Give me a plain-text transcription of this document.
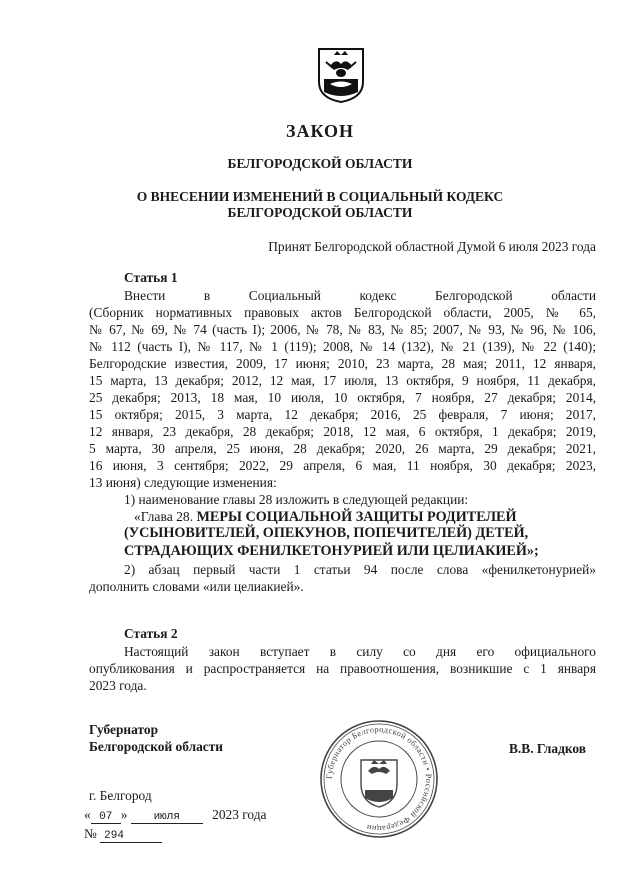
ЗАКОН
БЕЛГОРОДСКОЙ ОБЛАСТИ
О ВНЕСЕНИИ ИЗМЕНЕНИЙ В СОЦИАЛЬНЫЙ КОДЕКС
БЕЛГОРОДСКОЙ ОБЛАСТИ
Принят Белгородской областной Думой 6 июля 2023 года
Статья 1
Внести в Социальный кодекс Белгородской области
(Сборник нормативных правовых актов Белгородской области, 2005, № 65,
№ 67, № 69, № 74 (часть I); 2006, № 78, № 83, № 85; 2007, № 93, № 96, № 106,
№ 112 (часть I), № 117, № 1 (119); 2008, № 14 (132), № 21 (139), № 22 (140);
Белгородские известия, 2009, 17 июня; 2010, 23 марта, 28 мая; 2011, 12 января,
15 марта, 13 декабря; 2012, 12 мая, 17 июля, 13 октября, 9 ноября, 11 декабря,
25 декабря; 2013, 18 мая, 10 июля, 10 октября, 7 ноября, 27 декабря; 2014,
15 октября; 2015, 3 марта, 12 декабря; 2016, 25 февраля, 7 июня; 2017,
12 января, 23 декабря, 28 декабря; 2018, 12 мая, 6 октября, 1 декабря; 2019,
5 марта, 30 апреля, 25 июня, 28 декабря; 2020, 26 марта, 29 декабря; 2021,
16 июня, 3 сентября; 2022, 29 апреля, 6 мая, 11 ноября, 30 декабря; 2023,
13 июня) следующие изменения:
1) наименование главы 28 изложить в следующей редакции:
«Глава 28. МЕРЫ СОЦИАЛЬНОЙ ЗАЩИТЫ РОДИТЕЛЕЙ
(УСЫНОВИТЕЛЕЙ, ОПЕКУНОВ, ПОПЕЧИТЕЛЕЙ) ДЕТЕЙ,
СТРАДАЮЩИХ ФЕНИЛКЕТОНУРИЕЙ ИЛИ ЦЕЛИАКИЕЙ»;
2) абзац первый части 1 статьи 94 после слова «фенилкетонурией»
дополнить словами «или целиакией».
Статья 2
Настоящий закон вступает в силу со дня его официального
опубликования и распространяется на правоотношения, возникшие с 1 января
2023 года.
Губернатор
Белгородской области	В.В. Гладков
Губернатор Белгородской области • Российской Федерации
г. Белгород
« 07 » июля 2023 года
№ 294
